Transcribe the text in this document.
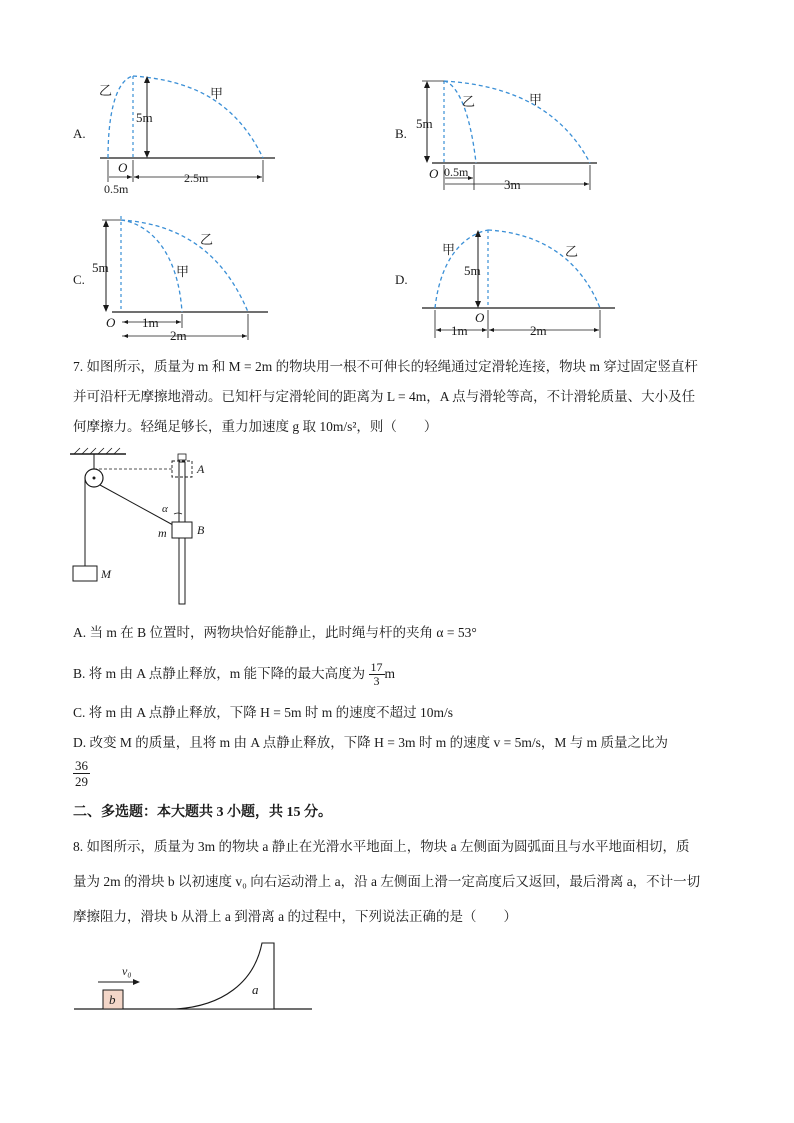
A.
5m
乙	甲
O
0.5m
2.5m
B.
5m
乙	甲
O 0.5m
3m
C.
5m
乙
甲
O 1m
2m
D.
5m
甲	乙
O
1m	2m
7. 如图所示，质量为 m 和 M = 2m 的物块用一根不可伸长的轻绳通过定滑轮连接，物块 m 穿过固定竖直杆
并可沿杆无摩擦地滑动。已知杆与定滑轮间的距离为 L = 4m，A 点与滑轮等高，不计滑轮质量、大小及任
何摩擦力。轻绳足够长，重力加速度 g 取 10m/s²，则（　　）
M
A
B
m
α
A. 当 m 在 B 位置时，两物块恰好能静止，此时绳与杆的夹角 α = 53°
B. 将 m 由 A 点静止释放，m 能下降的最大高度为 $\frac{17}{3}$ m
C. 将 m 由 A 点静止释放，下降 H = 5m 时 m 的速度不超过 10m/s
D. 改变 M 的质量，且将 m 由 A 点静止释放，下降 H = 3m 时 m 的速度 v = 5m/s，M 与 m 质量之比为
$\frac{36}{29}$
二、多选题：本大题共 3 小题，共 15 分。
8. 如图所示，质量为 3m 的物块 a 静止在光滑水平地面上，物块 a 左侧面为圆弧面且与水平地面相切，质
量为 2m 的滑块 b 以初速度 v₀ 向右运动滑上 a，沿 a 左侧面上滑一定高度后又返回，最后滑离 a，不计一切
摩擦阻力，滑块 b 从滑上 a 到滑离 a 的过程中，下列说法正确的是（　　）
b
v₀
a
